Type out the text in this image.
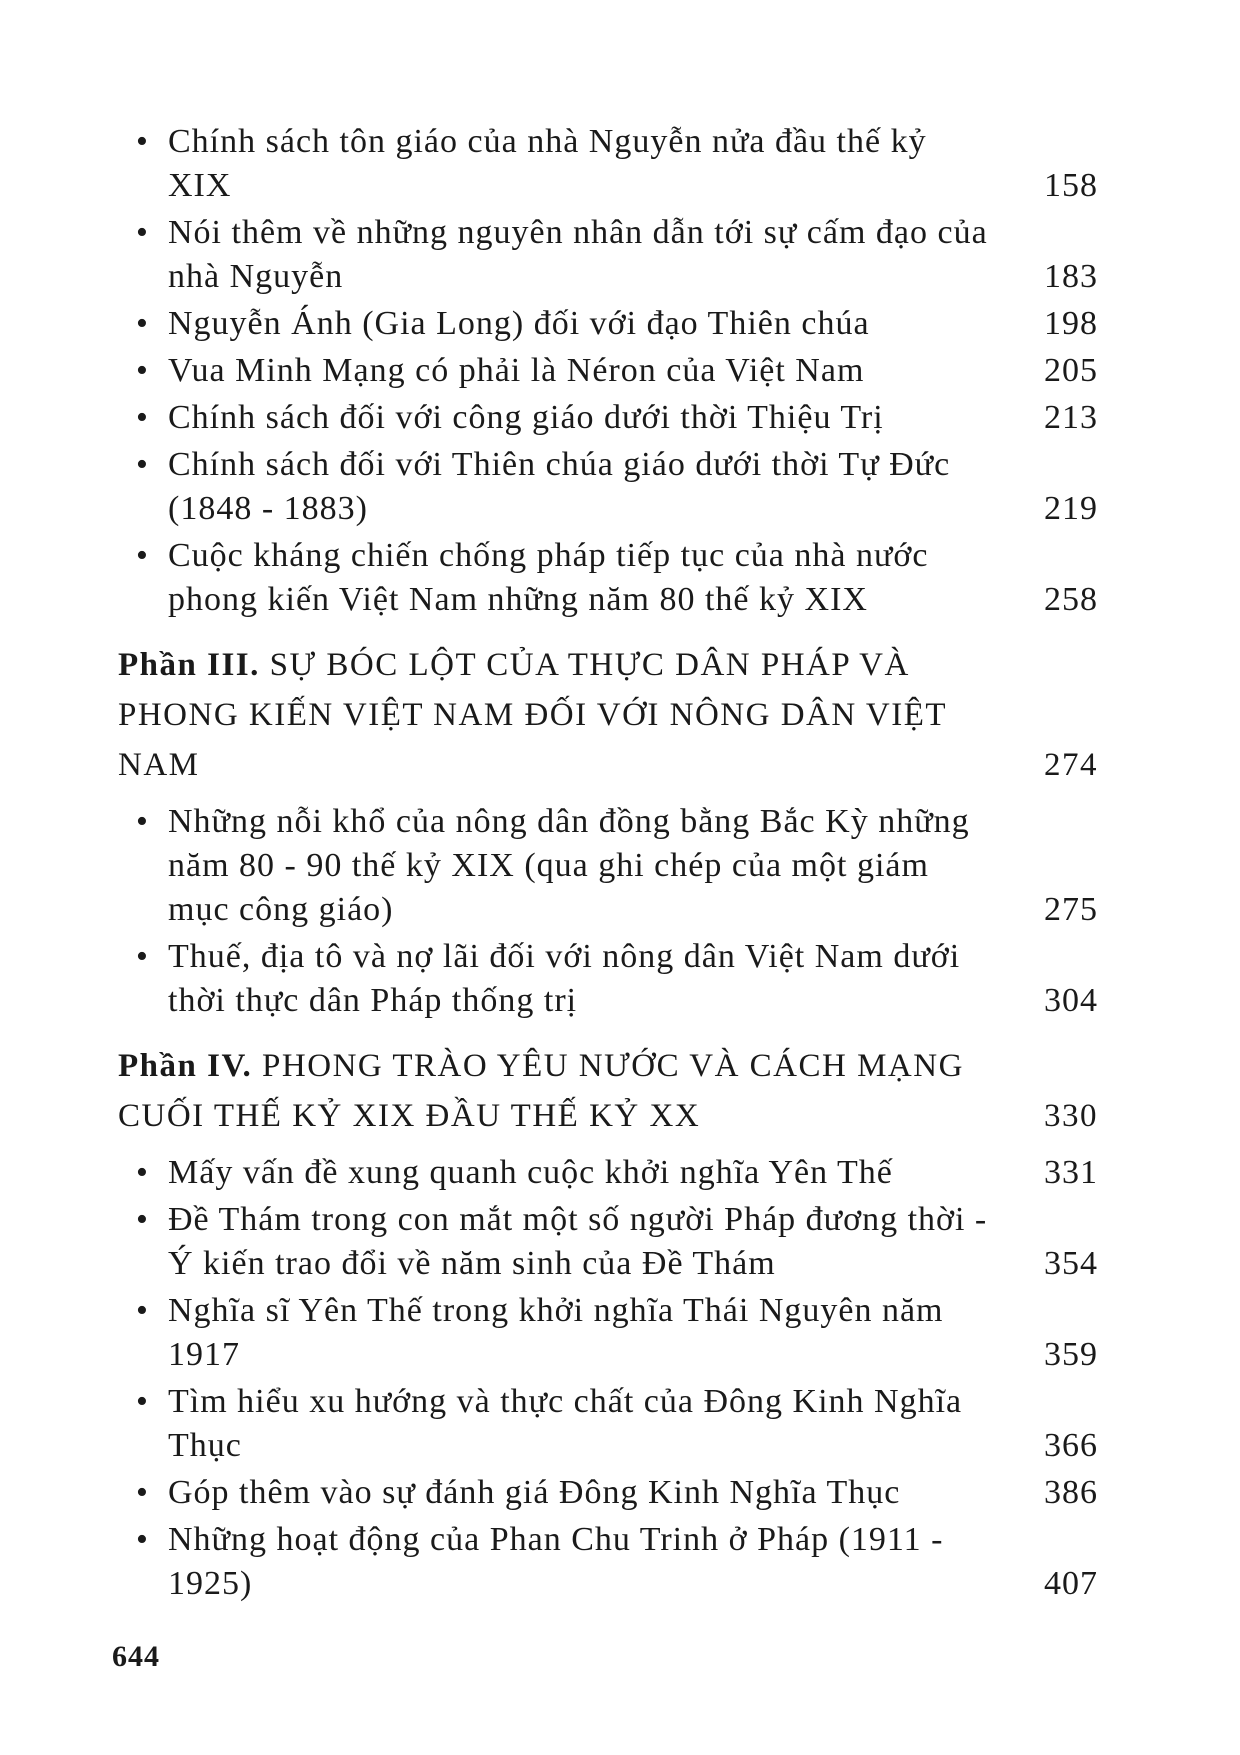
• Chính sách tôn giáo của nhà Nguyễn nửa đầu thế kỷ XIX	158
• Nói thêm về những nguyên nhân dẫn tới sự cấm đạo của nhà Nguyễn	183
• Nguyễn Ánh (Gia Long) đối với đạo Thiên chúa	198
• Vua Minh Mạng có phải là Néron của Việt Nam	205
• Chính sách đối với công giáo dưới thời Thiệu Trị	213
• Chính sách đối với Thiên chúa giáo dưới thời Tự Đức (1848 - 1883)	219
• Cuộc kháng chiến chống pháp tiếp tục của nhà nước phong kiến Việt Nam những năm 80 thế kỷ XIX	258
Phần III. SỰ BÓC LỘT CỦA THỰC DÂN PHÁP VÀ PHONG KIẾN VIỆT NAM ĐỐI VỚI NÔNG DÂN VIỆT NAM	274
• Những nỗi khổ của nông dân đồng bằng Bắc Kỳ những năm 80 - 90 thế kỷ XIX (qua ghi chép của một giám mục công giáo)	275
• Thuế, địa tô và nợ lãi đối với nông dân Việt Nam dưới thời thực dân Pháp thống trị	304
Phần IV. PHONG TRÀO YÊU NƯỚC VÀ CÁCH MẠNG CUỐI THẾ KỶ XIX ĐẦU THẾ KỶ XX	330
• Mấy vấn đề xung quanh cuộc khởi nghĩa Yên Thế	331
• Đề Thám trong con mắt một số người Pháp đương thời - Ý kiến trao đổi về năm sinh của Đề Thám	354
• Nghĩa sĩ Yên Thế trong khởi nghĩa Thái Nguyên năm 1917	359
• Tìm hiểu xu hướng và thực chất của Đông Kinh Nghĩa Thục	366
• Góp thêm vào sự đánh giá Đông Kinh Nghĩa Thục	386
• Những hoạt động của Phan Chu Trinh ở Pháp (1911 - 1925)	407
644
